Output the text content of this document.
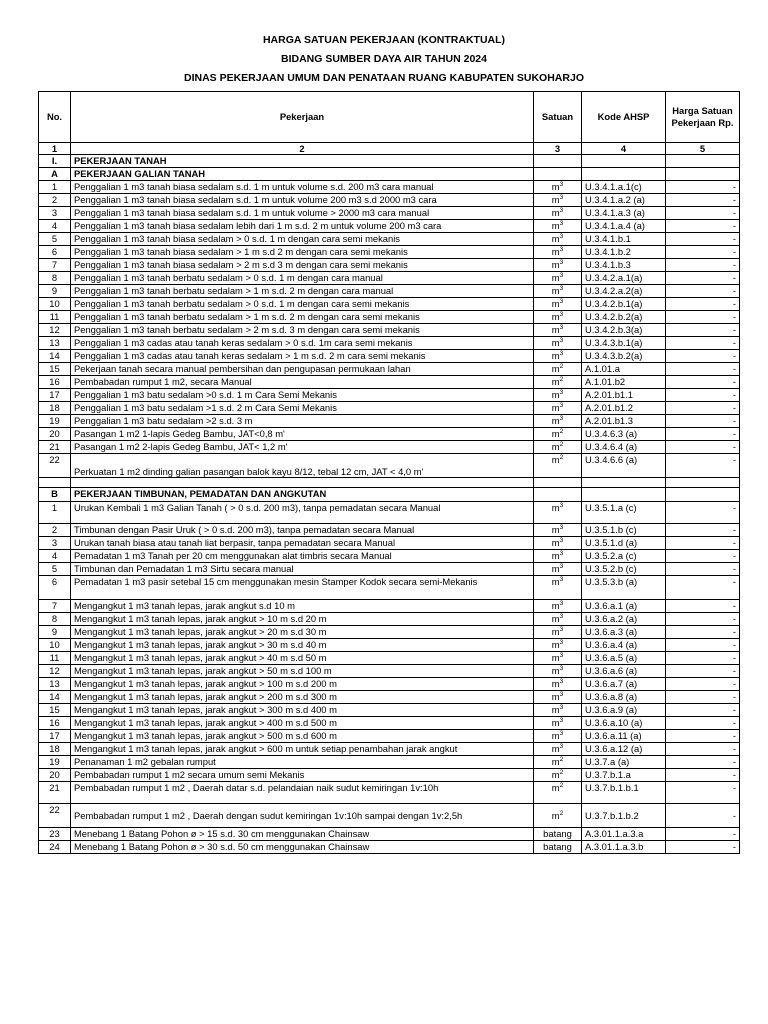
HARGA SATUAN PEKERJAAN (KONTRAKTUAL)
BIDANG SUMBER DAYA AIR TAHUN 2024
DINAS PEKERJAAN UMUM DAN PENATAAN RUANG KABUPATEN SUKOHARJO
No.	Pekerjaan	Satuan	Kode AHSP	Harga Satuan Pekerjaan Rp.
1	2	3	4	5
I.	PEKERJAAN TANAH			
A	PEKERJAAN GALIAN TANAH			
1	Penggalian 1 m3 tanah biasa sedalam s.d. 1 m untuk volume s.d. 200 m3 cara manual	$m^3$	U.3.4.1.a.1(c)	-
2	Penggalian 1 m3 tanah biasa sedalam s.d. 1 m untuk volume 200 m3 s.d 2000 m3 cara	$m^3$	U.3.4.1.a.2 (a)	-
3	Penggalian 1 m3 tanah biasa sedalam s.d. 1 m untuk volume > 2000 m3 cara manual	$m^3$	U.3.4.1.a.3 (a)	-
4	Penggalian 1 m3 tanah biasa sedalam lebih dari 1 m s.d. 2 m untuk volume 200 m3 cara	$m^3$	U.3.4.1.a.4 (a)	-
5	Penggalian 1 m3 tanah biasa sedalam > 0 s.d. 1 m dengan cara semi mekanis	$m^3$	U.3.4.1.b.1	-
6	Penggalian 1 m3 tanah biasa sedalam > 1 m s.d 2 m dengan cara semi mekanis	$m^3$	U.3.4.1.b.2	-
7	Penggalian 1 m3 tanah biasa sedalam > 2 m s.d 3 m dengan cara semi mekanis	$m^3$	U.3.4.1.b.3	-
8	Penggalian 1 m3 tanah berbatu sedalam > 0 s.d. 1 m dengan cara manual	$m^3$	U.3.4.2.a.1(a)	-
9	Penggalian 1 m3 tanah berbatu sedalam > 1 m s.d. 2 m dengan cara manual	$m^3$	U.3.4.2.a.2(a)	-
10	Penggalian 1 m3 tanah berbatu sedalam > 0 s.d. 1 m dengan cara semi mekanis	$m^3$	U.3.4.2.b.1(a)	-
11	Penggalian 1 m3 tanah berbatu sedalam > 1 m s.d. 2 m dengan cara semi mekanis	$m^3$	U.3.4.2.b.2(a)	-
12	Penggalian 1 m3 tanah berbatu sedalam > 2 m s.d. 3 m dengan cara semi mekanis	$m^3$	U.3.4.2.b.3(a)	-
13	Penggalian 1 m3 cadas atau tanah keras sedalam > 0 s.d. 1m cara semi mekanis	$m^3$	U.3.4.3.b.1(a)	-
14	Penggalian 1 m3 cadas atau tanah keras sedalam > 1 m s.d. 2 m cara semi mekanis	$m^3$	U.3.4.3.b.2(a)	-
15	Pekerjaan tanah secara manual pembersihan dan pengupasan permukaan lahan	$m^2$	A.1.01.a	-
16	Pembabadan rumput 1 m2, secara Manual	$m^2$	A.1.01.b2	-
17	Penggalian 1 m3 batu sedalam >0 s.d. 1 m Cara Semi Mekanis	$m^3$	A.2.01.b1.1	-
18	Penggalian 1 m3 batu sedalam >1 s.d. 2 m Cara Semi Mekanis	$m^3$	A.2.01.b1.2	-
19	Penggalian 1 m3 batu sedalam >2 s.d. 3 m	$m^3$	A.2.01.b1.3	-
20	Pasangan 1 m2 1-lapis Gedeg Bambu, JAT<0,8 m'	$m^2$	U.3.4.6.3 (a)	-
21	Pasangan 1 m2 2-lapis Gedeg Bambu, JAT< 1,2 m'	$m^2$	U.3.4.6.4 (a)	-
22	Perkuatan 1 m2 dinding galian pasangan balok kayu 8/12, tebal 12 cm, JAT < 4,0 m'	$m^2$	U.3.4.6.6 (a)	-

B	PEKERJAAN TIMBUNAN, PEMADATAN DAN ANGKUTAN			
1	Urukan Kembali 1 m3 Galian Tanah ( > 0 s.d. 200 m3), tanpa pemadatan secara Manual	$m^3$	U.3.5.1.a (c)	-
2	Timbunan dengan Pasir Uruk ( > 0 s.d. 200 m3), tanpa pemadatan secara Manual	$m^3$	U.3.5.1.b (c)	-
3	Urukan tanah biasa atau tanah liat berpasir, tanpa pemadatan secara Manual	$m^3$	U.3.5.1.d (a)	-
4	Pemadatan 1 m3 Tanah per 20 cm menggunakan alat timbris secara Manual	$m^3$	U.3.5.2.a (c)	-
5	Timbunan dan Pemadatan 1 m3 Sirtu secara manual	$m^3$	U.3.5.2.b (c)	-
6	Pemadatan 1 m3 pasir setebal 15 cm menggunakan mesin Stamper Kodok secara semi-Mekanis	$m^3$	U.3.5.3.b (a)	-
7	Mengangkut 1 m3 tanah lepas, jarak angkut s.d 10 m	$m^3$	U.3.6.a.1 (a)	-
8	Mengangkut 1 m3 tanah lepas, jarak angkut > 10 m s.d 20 m	$m^3$	U.3.6.a.2 (a)	-
9	Mengangkut 1 m3 tanah lepas, jarak angkut > 20 m s.d 30 m	$m^3$	U.3.6.a.3 (a)	-
10	Mengangkut 1 m3 tanah lepas, jarak angkut > 30 m s.d 40 m	$m^3$	U.3.6.a.4 (a)	-
11	Mengangkut 1 m3 tanah lepas, jarak angkut > 40 m s.d 50 m	$m^3$	U.3.6.a.5 (a)	-
12	Mengangkut 1 m3 tanah lepas, jarak angkut > 50 m s.d 100 m	$m^3$	U.3.6.a.6 (a)	-
13	Mengangkut 1 m3 tanah lepas, jarak angkut > 100 m s.d 200 m	$m^3$	U.3.6.a.7 (a)	-
14	Mengangkut 1 m3 tanah lepas, jarak angkut > 200 m s.d 300 m	$m^3$	U.3.6.a.8 (a)	-
15	Mengangkut 1 m3 tanah lepas, jarak angkut > 300 m s.d 400 m	$m^3$	U.3.6.a.9 (a)	-
16	Mengangkut 1 m3 tanah lepas, jarak angkut > 400 m s.d 500 m	$m^3$	U.3.6.a.10 (a)	-
17	Mengangkut 1 m3 tanah lepas, jarak angkut > 500 m s.d 600 m	$m^3$	U.3.6.a.11 (a)	-
18	Mengangkut 1 m3 tanah lepas, jarak angkut > 600 m untuk setiap penambahan jarak angkut	$m^3$	U.3.6.a.12 (a)	-
19	Penanaman 1 m2 gebalan rumput	$m^2$	U.3.7.a (a)	-
20	Pembabadan rumput 1 m2 secara umum semi Mekanis	$m^2$	U.3.7.b.1.a	-
21	Pembabadan rumput 1 m2 , Daerah datar s.d. pelandaian naik sudut kemiringan 1v:10h	$m^2$	U.3.7.b.1.b.1	-
22	Pembabadan rumput 1 m2 , Daerah dengan sudut kemiringan 1v:10h sampai dengan 1v:2,5h	$m^2$	U.3.7.b.1.b.2	-
23	Menebang 1 Batang Pohon ø > 15 s.d. 30 cm menggunakan Chainsaw	batang	A.3.01.1.a.3.a	-
24	Menebang 1 Batang Pohon ø > 30 s.d. 50 cm menggunakan Chainsaw	batang	A.3.01.1.a.3.b	-
